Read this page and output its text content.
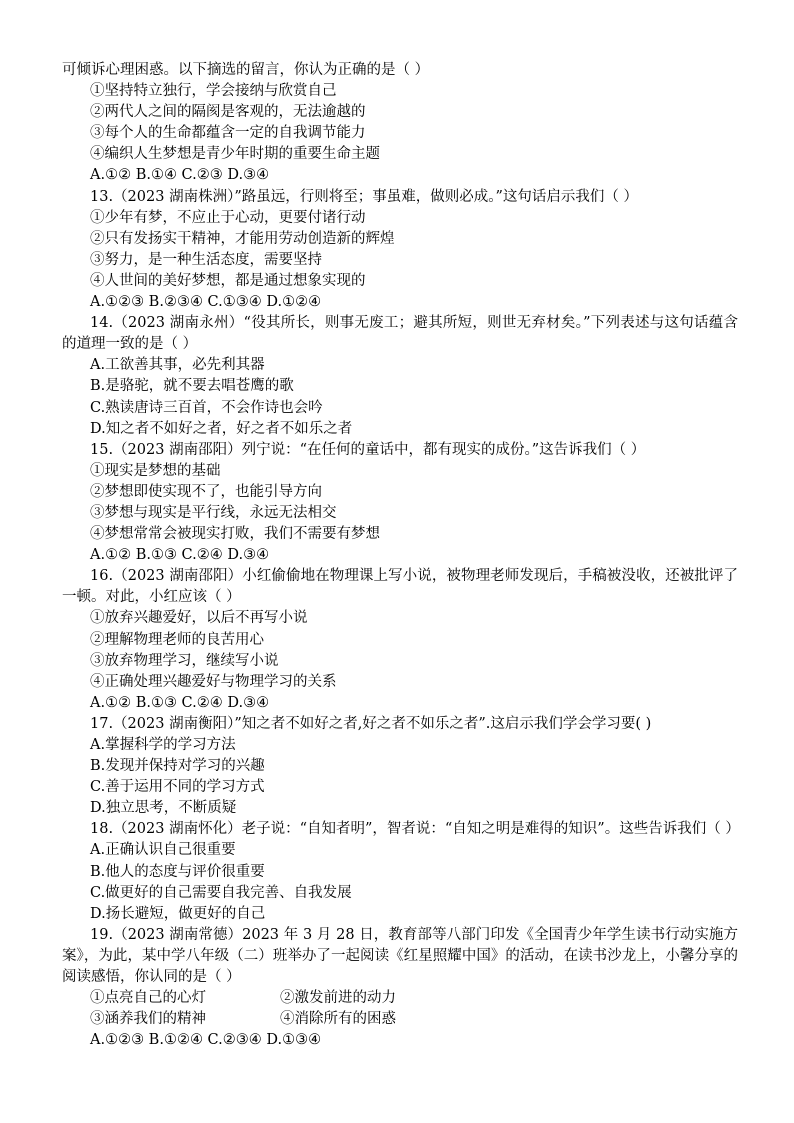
可倾诉心理困惑。以下摘选的留言，你认为正确的是（ ）
①坚持特立独行，学会接纳与欣赏自己
②两代人之间的隔阂是客观的，无法逾越的
③每个人的生命都蕴含一定的自我调节能力
④编织人生梦想是青少年时期的重要生命主题
A.①② B.①④ C.②③ D.③④
13.（2023 湖南株洲）”路虽远，行则将至；事虽难，做则必成。”这句话启示我们（ ）
①少年有梦，不应止于心动，更要付诸行动
②只有发扬实干精神，才能用劳动创造新的辉煌
③努力，是一种生活态度，需要坚持
④人世间的美好梦想，都是通过想象实现的
A.①②③ B.②③④ C.①③④ D.①②④
14.（2023 湖南永州）“役其所长，则事无废工；避其所短，则世无弃材矣。”下列表述与这句话蕴含的道理一致的是（ ）
A.工欲善其事，必先利其器
B.是骆驼，就不要去唱苍鹰的歌
C.熟读唐诗三百首，不会作诗也会吟
D.知之者不如好之者，好之者不如乐之者
15.（2023 湖南邵阳）列宁说：“在任何的童话中，都有现实的成份。”这告诉我们（ ）
①现实是梦想的基础
②梦想即使实现不了，也能引导方向
③梦想与现实是平行线，永远无法相交
④梦想常常会被现实打败，我们不需要有梦想
A.①② B.①③ C.②④ D.③④
16.（2023 湖南邵阳）小红偷偷地在物理课上写小说，被物理老师发现后，手稿被没收，还被批评了一顿。对此，小红应该（ ）
①放弃兴趣爱好，以后不再写小说
②理解物理老师的良苦用心
③放弃物理学习，继续写小说
④正确处理兴趣爱好与物理学习的关系
A.①② B.①③ C.②④ D.③④
17.（2023 湖南衡阳）”知之者不如好之者,好之者不如乐之者”.这启示我们学会学习要( )
A.掌握科学的学习方法
B.发现并保持对学习的兴趣
C.善于运用不同的学习方式
D.独立思考，不断质疑
18.（2023 湖南怀化）老子说：“自知者明”，智者说：“自知之明是难得的知识”。这些告诉我们（ ）
A.正确认识自己很重要
B.他人的态度与评价很重要
C.做更好的自己需要自我完善、自我发展
D.扬长避短，做更好的自己
19.（2023 湖南常德）2023 年 3 月 28 日，教育部等八部门印发《全国青少年学生读书行动实施方案》，为此，某中学八年级（二）班举办了一起阅读《红星照耀中国》的活动，在读书沙龙上，小馨分享的阅读感悟，你认同的是（ ）
①点亮自己的心灯	②激发前进的动力
③涵养我们的精神	④消除所有的困惑
A.①②③ B.①②④ C.②③④ D.①③④
